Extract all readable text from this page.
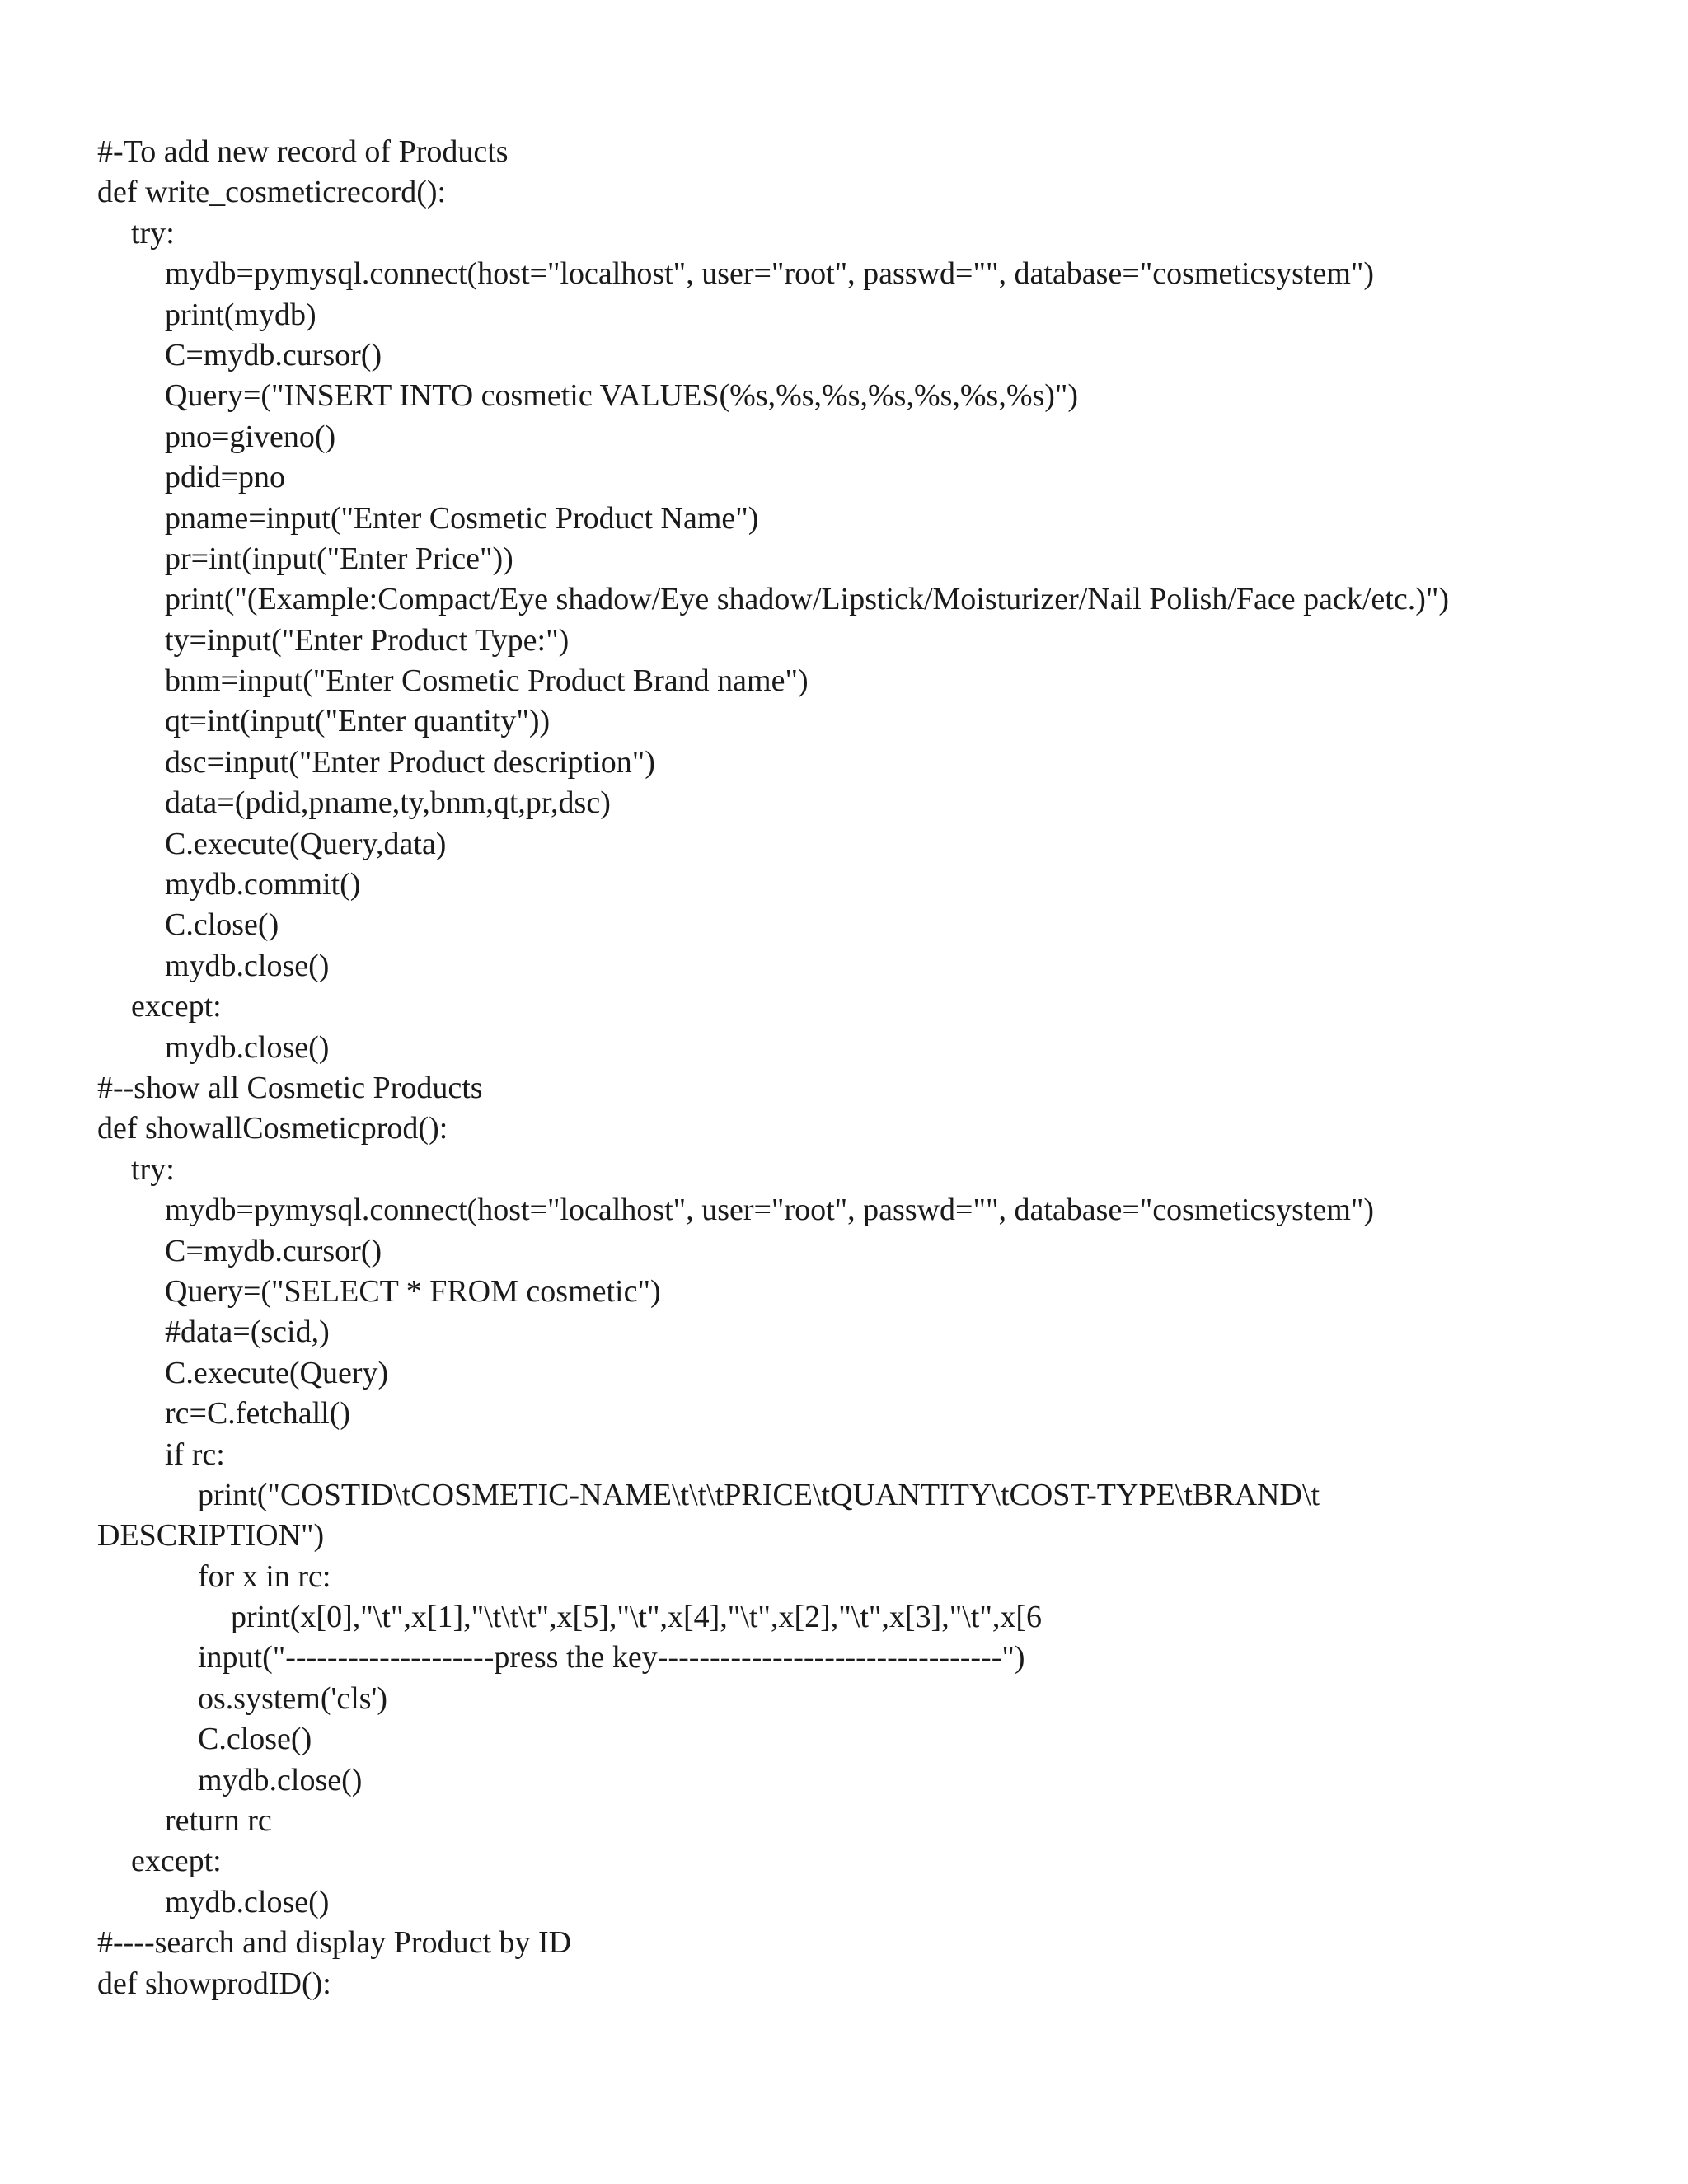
#-To add new record of Products
def write_cosmeticrecord():
try:
mydb=pymysql.connect(host="localhost", user="root", passwd="", database="cosmeticsystem")
print(mydb)
C=mydb.cursor()
Query=("INSERT INTO cosmetic VALUES(%s,%s,%s,%s,%s,%s,%s)")
pno=giveno()
pdid=pno
pname=input("Enter Cosmetic Product Name")
pr=int(input("Enter Price"))
print("(Example:Compact/Eye shadow/Eye shadow/Lipstick/Moisturizer/Nail Polish/Face pack/etc.)")
ty=input("Enter Product Type:")
bnm=input("Enter Cosmetic Product Brand name")
qt=int(input("Enter quantity"))
dsc=input("Enter Product description")
data=(pdid,pname,ty,bnm,qt,pr,dsc)
C.execute(Query,data)
mydb.commit()
C.close()
mydb.close()
except:
mydb.close()
#--show all Cosmetic Products
def showallCosmeticprod():
try:
mydb=pymysql.connect(host="localhost", user="root", passwd="", database="cosmeticsystem")
C=mydb.cursor()
Query=("SELECT * FROM cosmetic")
#data=(scid,)
C.execute(Query)
rc=C.fetchall()
if rc:
print("COSTID\tCOSMETIC-NAME\t\t\tPRICE\tQUANTITY\tCOST-TYPE\tBRAND\t
DESCRIPTION")
for x in rc:
print(x[0],"\t",x[1],"\t\t\t",x[5],"\t",x[4],"\t",x[2],"\t",x[3],"\t",x[6
input("--------------------press the key---------------------------------")
os.system('cls')
C.close()
mydb.close()
return rc
except:
mydb.close()
#----search and display Product by ID
def showprodID():
